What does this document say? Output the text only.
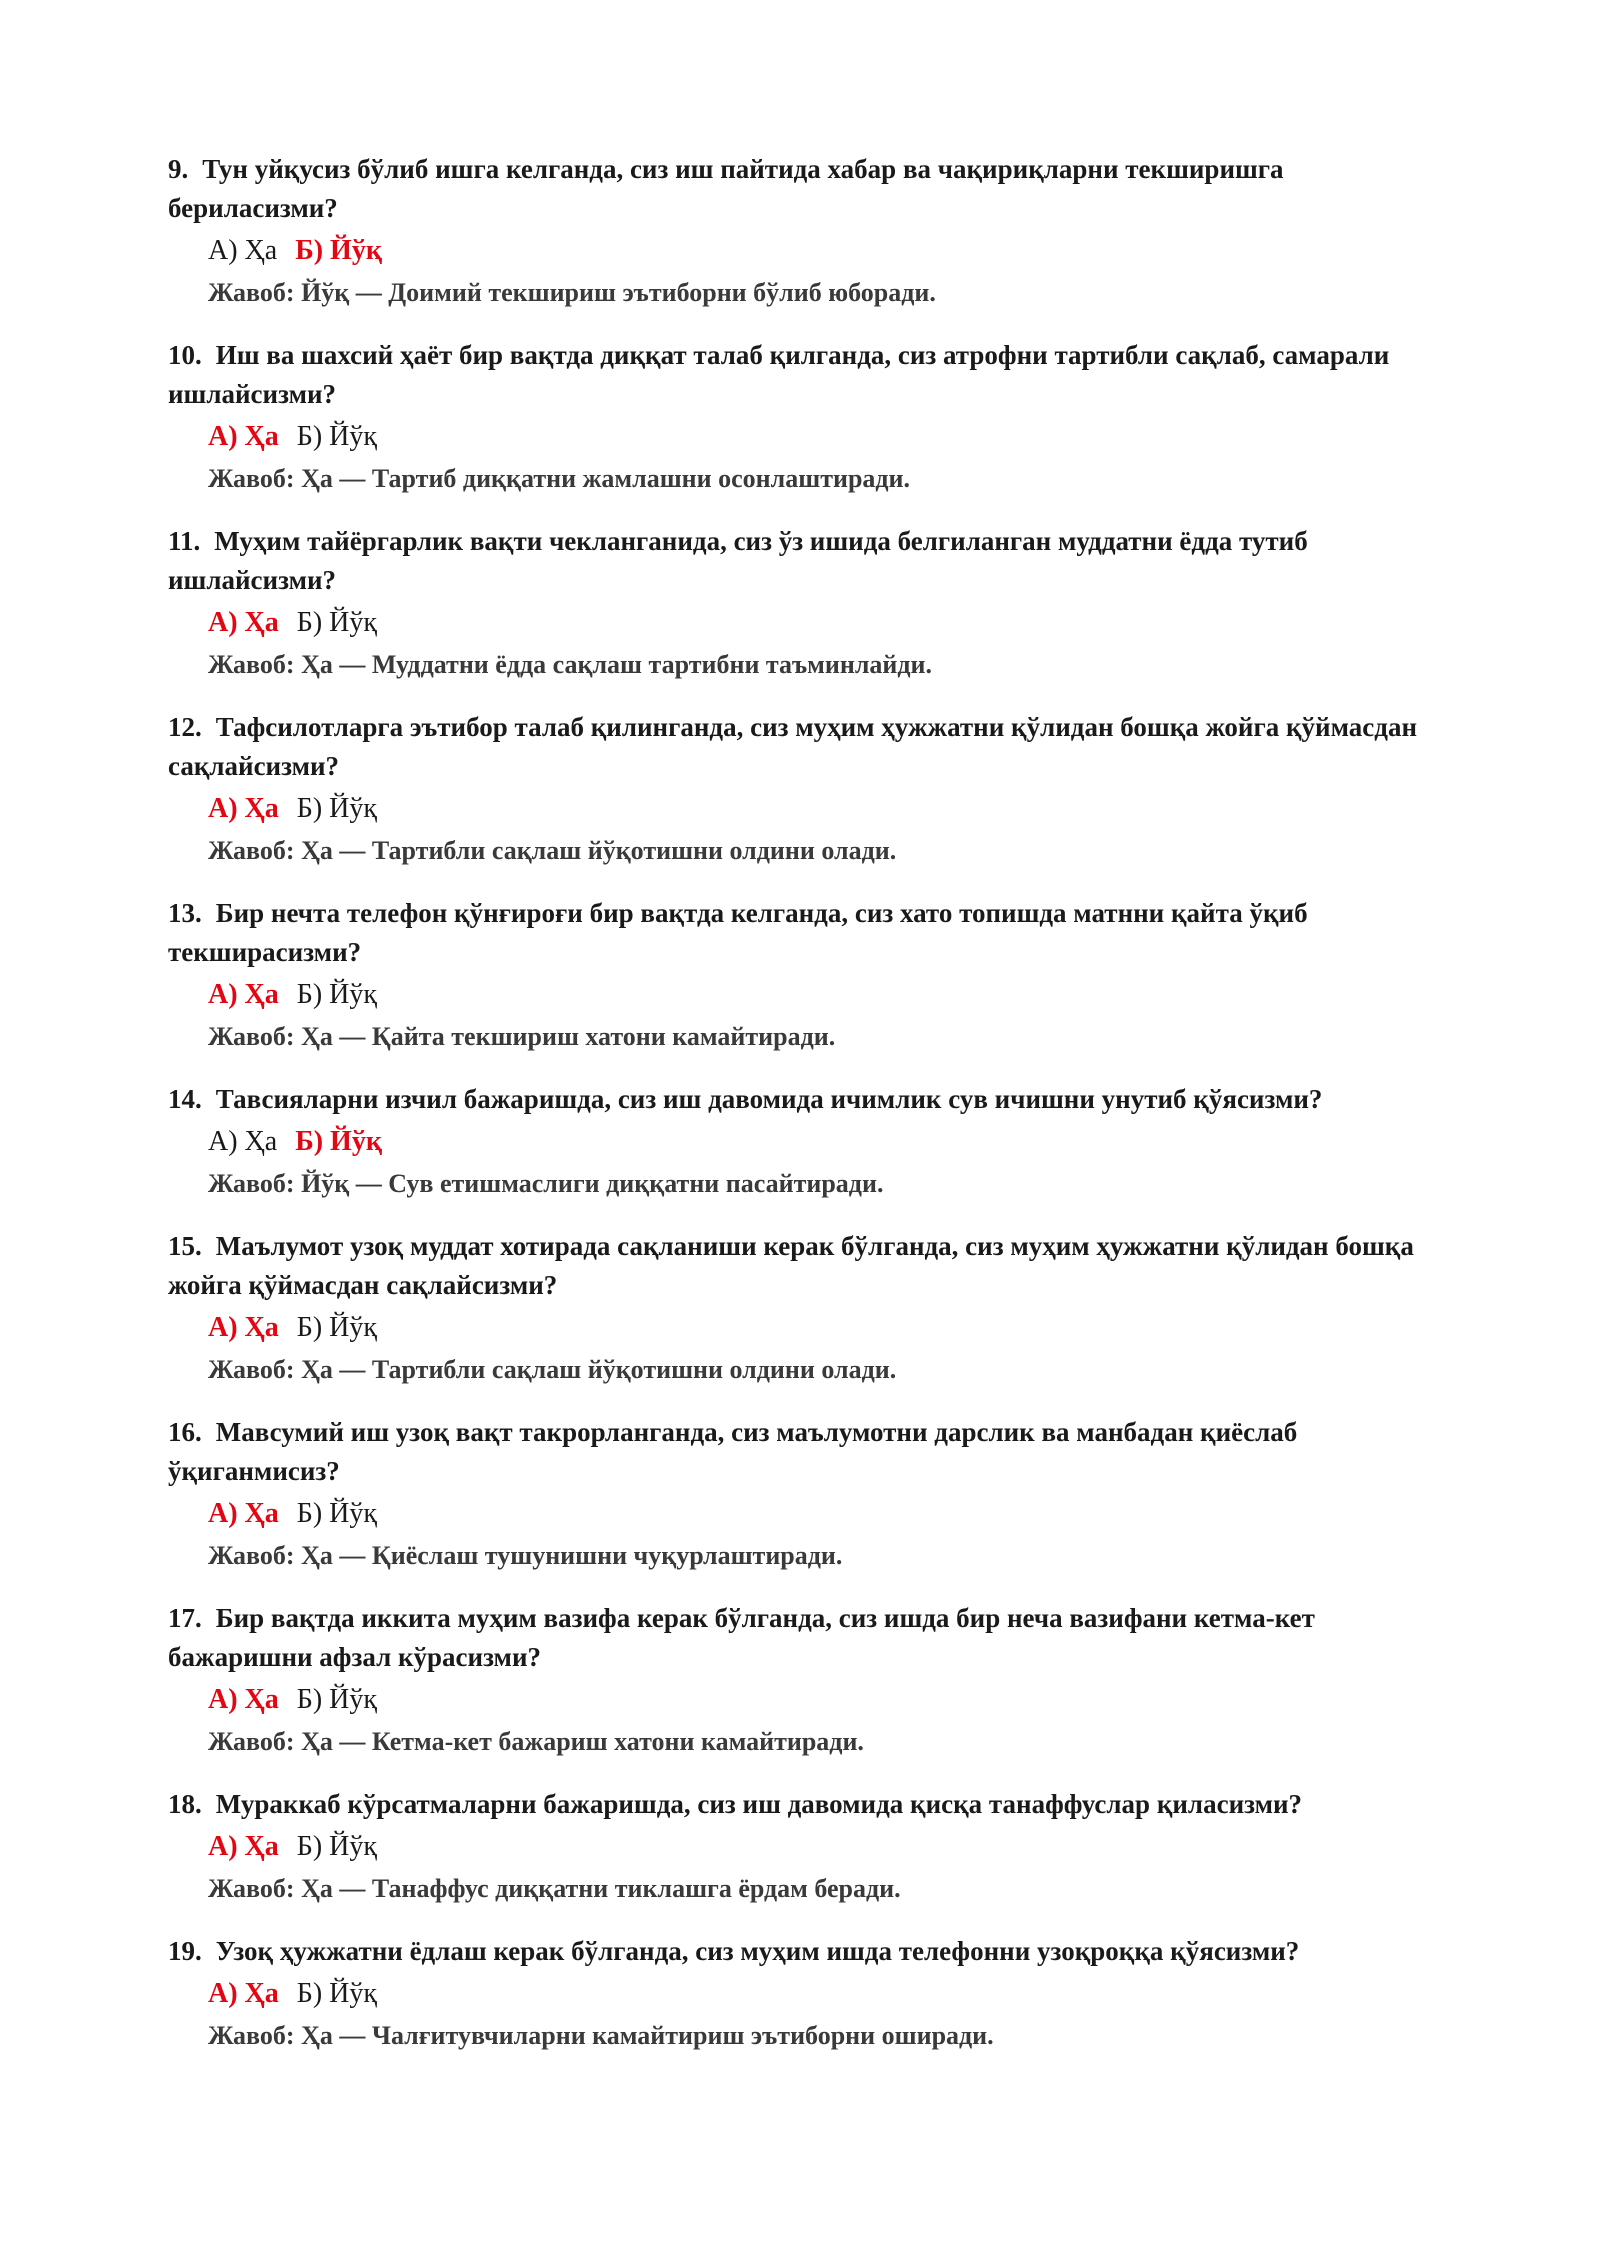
9. Тун уйқусиз бўлиб ишга келганда, сиз иш пайтида хабар ва чақириқларни текширишга бериласизми?

А) Ҳа Б) Йўқ
Жавоб: Йўқ — Доимий текшириш эътиборни бўлиб юборади.

10. Иш ва шахсий ҳаёт бир вақтда диққат талаб қилганда, сиз атрофни тартибли сақлаб, самарали ишлайсизми?

А) Ҳа Б) Йўқ
Жавоб: Ҳа — Тартиб диққатни жамлашни осонлаштиради.

11. Муҳим тайёргарлик вақти чекланганида, сиз ўз ишида белгиланган муддатни ёдда тутиб ишлайсизми?

А) Ҳа Б) Йўқ
Жавоб: Ҳа — Муддатни ёдда сақлаш тартибни таъминлайди.

12. Тафсилотларга эътибор талаб қилинганда, сиз муҳим ҳужжатни қўлидан бошқа жойга қўймасдан сақлайсизми?

А) Ҳа Б) Йўқ
Жавоб: Ҳа — Тартибли сақлаш йўқотишни олдини олади.

13. Бир нечта телефон қўнғироғи бир вақтда келганда, сиз хато топишда матнни қайта ўқиб текширасизми?

А) Ҳа Б) Йўқ
Жавоб: Ҳа — Қайта текшириш хатони камайтиради.

14. Тавсияларни изчил бажаришда, сиз иш давомида ичимлик сув ичишни унутиб қўясизми?

А) Ҳа Б) Йўқ
Жавоб: Йўқ — Сув етишмаслиги диққатни пасайтиради.

15. Маълумот узоқ муддат хотирада сақланиши керак бўлганда, сиз муҳим ҳужжатни қўлидан бошқа жойга қўймасдан сақлайсизми?

А) Ҳа Б) Йўқ
Жавоб: Ҳа — Тартибли сақлаш йўқотишни олдини олади.

16. Мавсумий иш узоқ вақт такрорланганда, сиз маълумотни дарслик ва манбадан қиёслаб ўқиганмисиз?

А) Ҳа Б) Йўқ
Жавоб: Ҳа — Қиёслаш тушунишни чуқурлаштиради.

17. Бир вақтда иккита муҳим вазифа керак бўлганда, сиз ишда бир неча вазифани кетма-кет бажаришни афзал кўрасизми?

А) Ҳа Б) Йўқ
Жавоб: Ҳа — Кетма-кет бажариш хатони камайтиради.

18. Мураккаб кўрсатмаларни бажаришда, сиз иш давомида қисқа танаффуслар қиласизми?

А) Ҳа Б) Йўқ
Жавоб: Ҳа — Танаффус диққатни тиклашга ёрдам беради.

19. Узоқ ҳужжатни ёдлаш керак бўлганда, сиз муҳим ишда телефонни узоқроққа қўясизми?

А) Ҳа Б) Йўқ
Жавоб: Ҳа — Чалғитувчиларни камайтириш эътиборни оширади.
